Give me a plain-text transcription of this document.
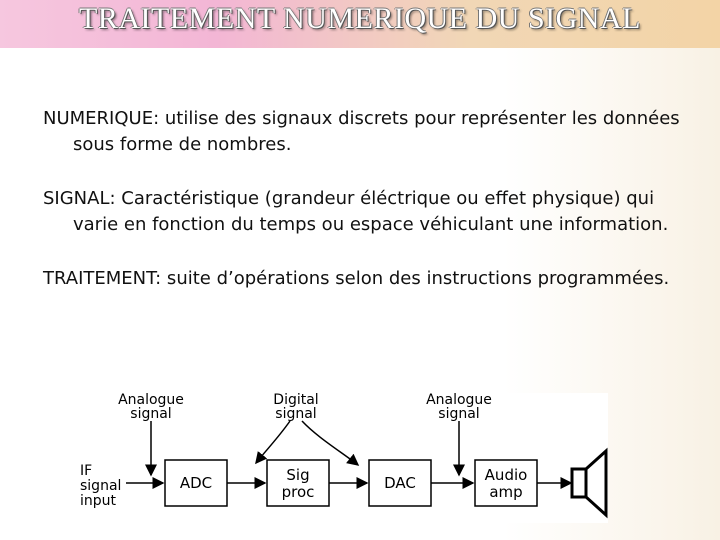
TRAITEMENT NUMERIQUE DU SIGNAL

NUMERIQUE: utilise des signaux discrets pour représenter les données sous forme de nombres.

SIGNAL: Caractéristique (grandeur éléctrique ou effet physique) qui varie en fonction du temps ou espace véhiculant une information.

TRAITEMENT: suite d’opérations selon des instructions programmées.

Analogue
signal
Digital
signal
Analogue
signal
IF
signal
input
ADC	Sig
proc	DAC	Audio
amp
